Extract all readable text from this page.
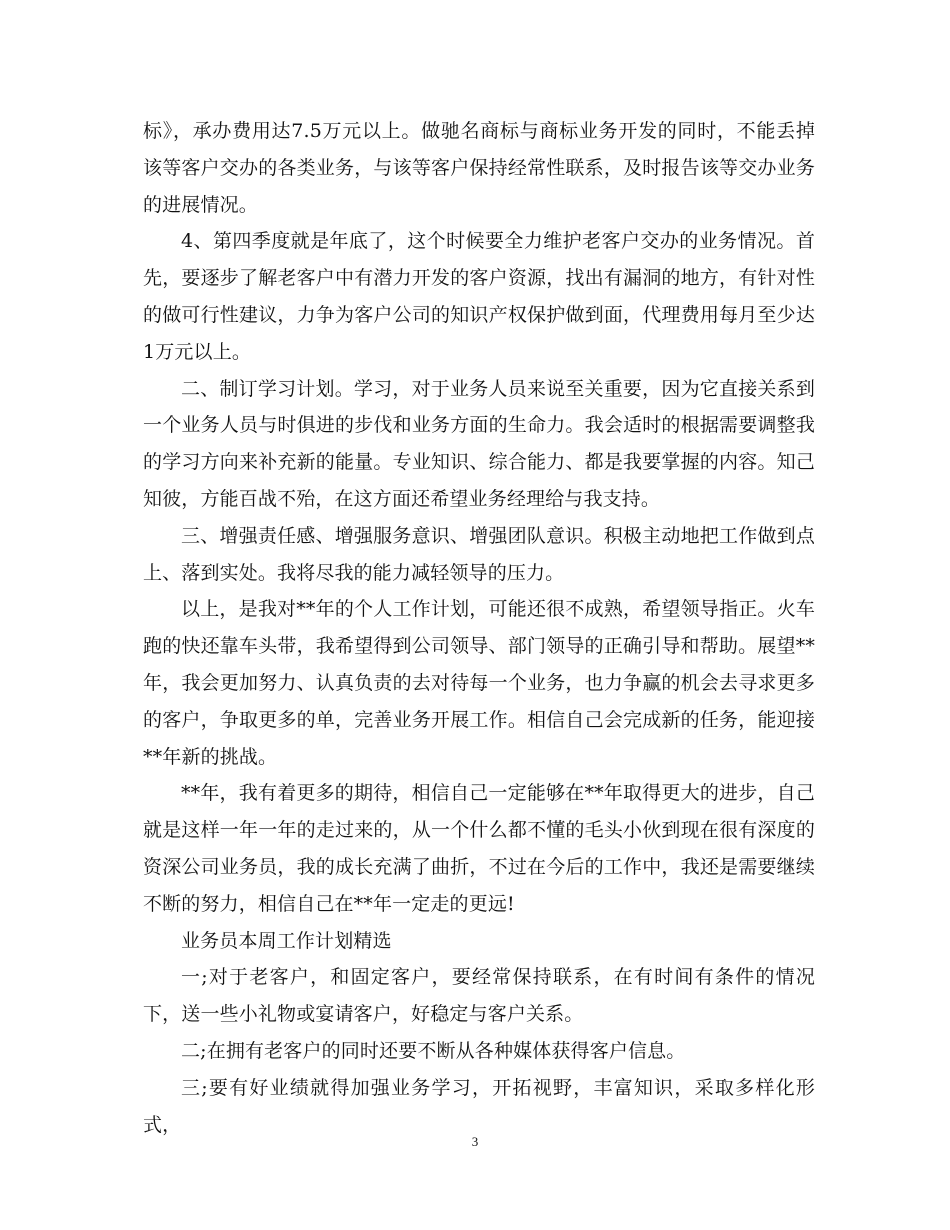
标》，承办费用达7.5万元以上。做驰名商标与商标业务开发的同时，不能丢掉该等客户交办的各类业务，与该等客户保持经常性联系，及时报告该等交办业务的进展情况。

4、第四季度就是年底了，这个时候要全力维护老客户交办的业务情况。首先，要逐步了解老客户中有潜力开发的客户资源，找出有漏洞的地方，有针对性的做可行性建议，力争为客户公司的知识产权保护做到面，代理费用每月至少达1万元以上。

二、制订学习计划。学习，对于业务人员来说至关重要，因为它直接关系到一个业务人员与时俱进的步伐和业务方面的生命力。我会适时的根据需要调整我的学习方向来补充新的能量。专业知识、综合能力、都是我要掌握的内容。知己知彼，方能百战不殆，在这方面还希望业务经理给与我支持。

三、增强责任感、增强服务意识、增强团队意识。积极主动地把工作做到点上、落到实处。我将尽我的能力减轻领导的压力。

以上，是我对**年的个人工作计划，可能还很不成熟，希望领导指正。火车跑的快还靠车头带，我希望得到公司领导、部门领导的正确引导和帮助。展望**年，我会更加努力、认真负责的去对待每一个业务，也力争赢的机会去寻求更多的客户，争取更多的单，完善业务开展工作。相信自己会完成新的任务，能迎接**年新的挑战。

**年，我有着更多的期待，相信自己一定能够在**年取得更大的进步，自己就是这样一年一年的走过来的，从一个什么都不懂的毛头小伙到现在很有深度的资深公司业务员，我的成长充满了曲折，不过在今后的工作中，我还是需要继续不断的努力，相信自己在**年一定走的更远!

业务员本周工作计划精选

一;对于老客户，和固定客户，要经常保持联系，在有时间有条件的情况下，送一些小礼物或宴请客户，好稳定与客户关系。

二;在拥有老客户的同时还要不断从各种媒体获得客户信息。

三;要有好业绩就得加强业务学习，开拓视野，丰富知识，采取多样化形式，

3
